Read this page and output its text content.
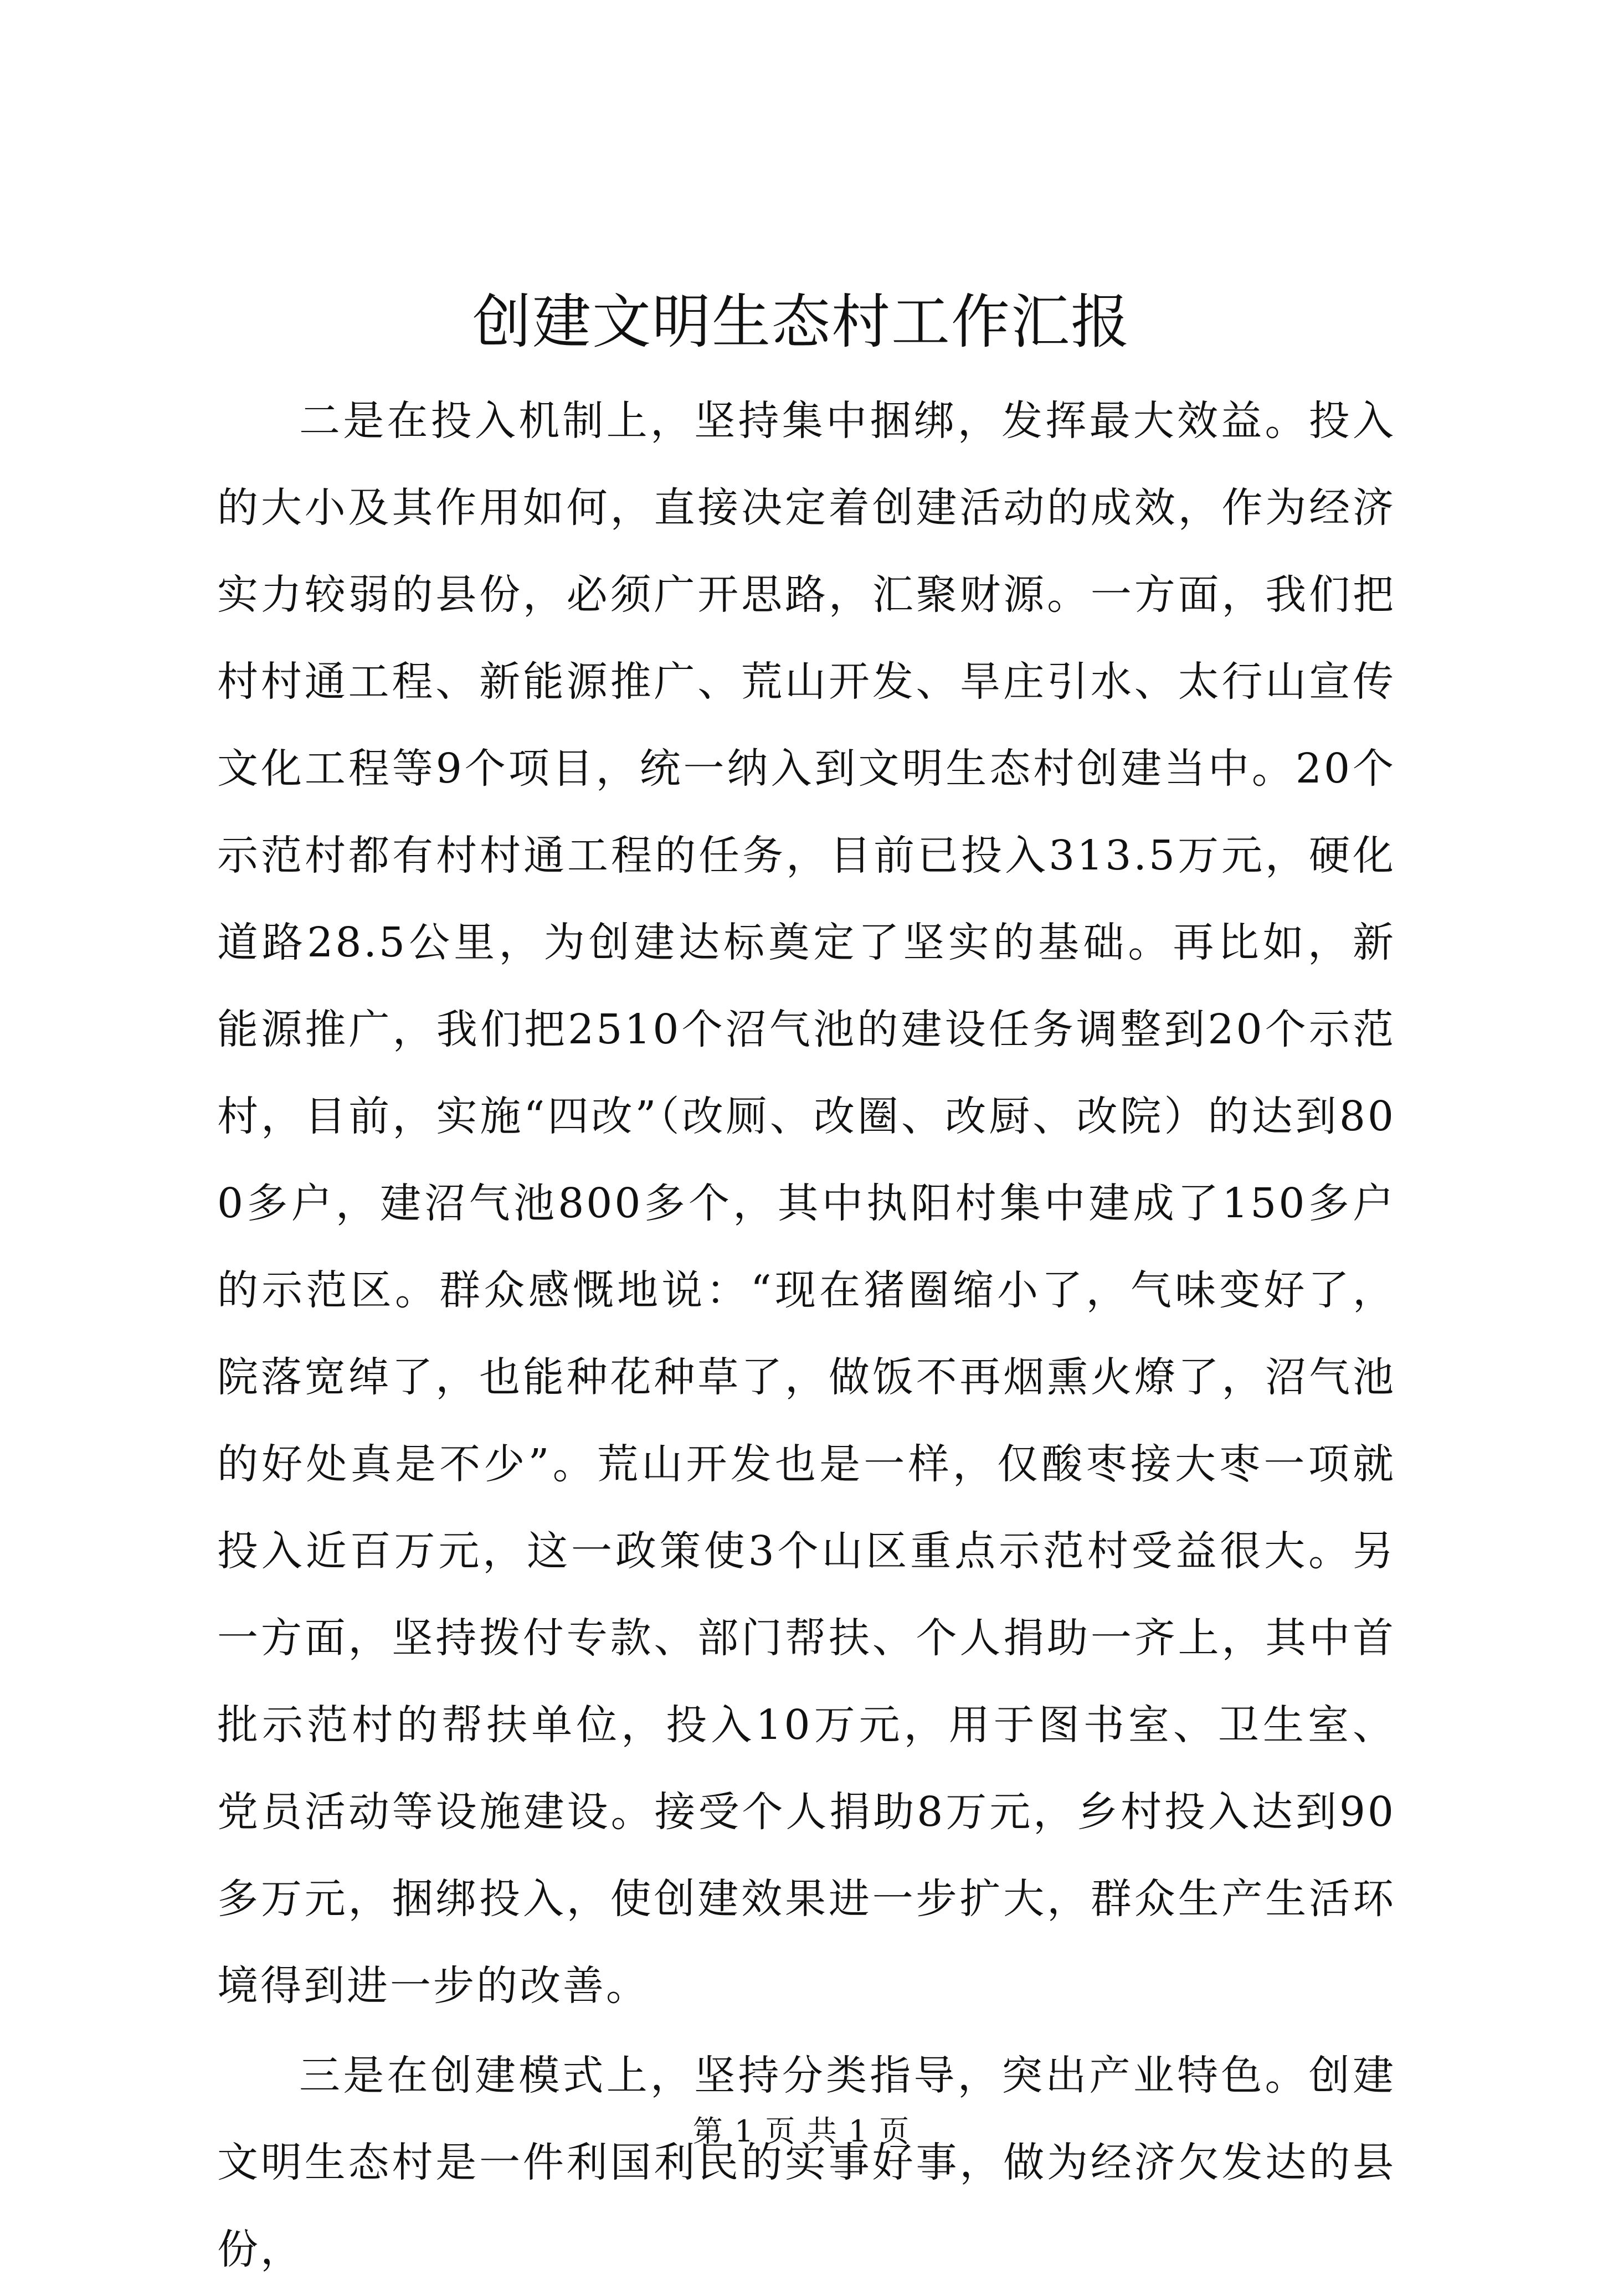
创建文明生态村工作汇报

二是在投入机制上，坚持集中捆绑，发挥最大效益。投入的大小及其作用如何，直接决定着创建活动的成效，作为经济实力较弱的县份，必须广开思路，汇聚财源。一方面，我们把村村通工程、新能源推广、荒山开发、旱庄引水、太行山宣传文化工程等9个项目，统一纳入到文明生态村创建当中。20个示范村都有村村通工程的任务，目前已投入313.5万元，硬化道路28.5公里，为创建达标奠定了坚实的基础。再比如，新能源推广，我们把2510个沼气池的建设任务调整到20个示范村，目前，实施“四改”（改厕、改圈、改厨、改院）的达到800多户，建沼气池800多个，其中执阳村集中建成了150多户的示范区。群众感慨地说：“现在猪圈缩小了，气味变好了，院落宽绰了，也能种花种草了，做饭不再烟熏火燎了，沼气池的好处真是不少”。荒山开发也是一样，仅酸枣接大枣一项就投入近百万元，这一政策使3个山区重点示范村受益很大。另一方面，坚持拨付专款、部门帮扶、个人捐助一齐上，其中首批示范村的帮扶单位，投入10万元，用于图书室、卫生室、党员活动等设施建设。接受个人捐助8万元，乡村投入达到90多万元，捆绑投入，使创建效果进一步扩大，群众生产生活环境得到进一步的改善。

三是在创建模式上，坚持分类指导，突出产业特色。创建文明生态村是一件利国利民的实事好事，做为经济欠发达的县份，

第 1 页 共 1 页
